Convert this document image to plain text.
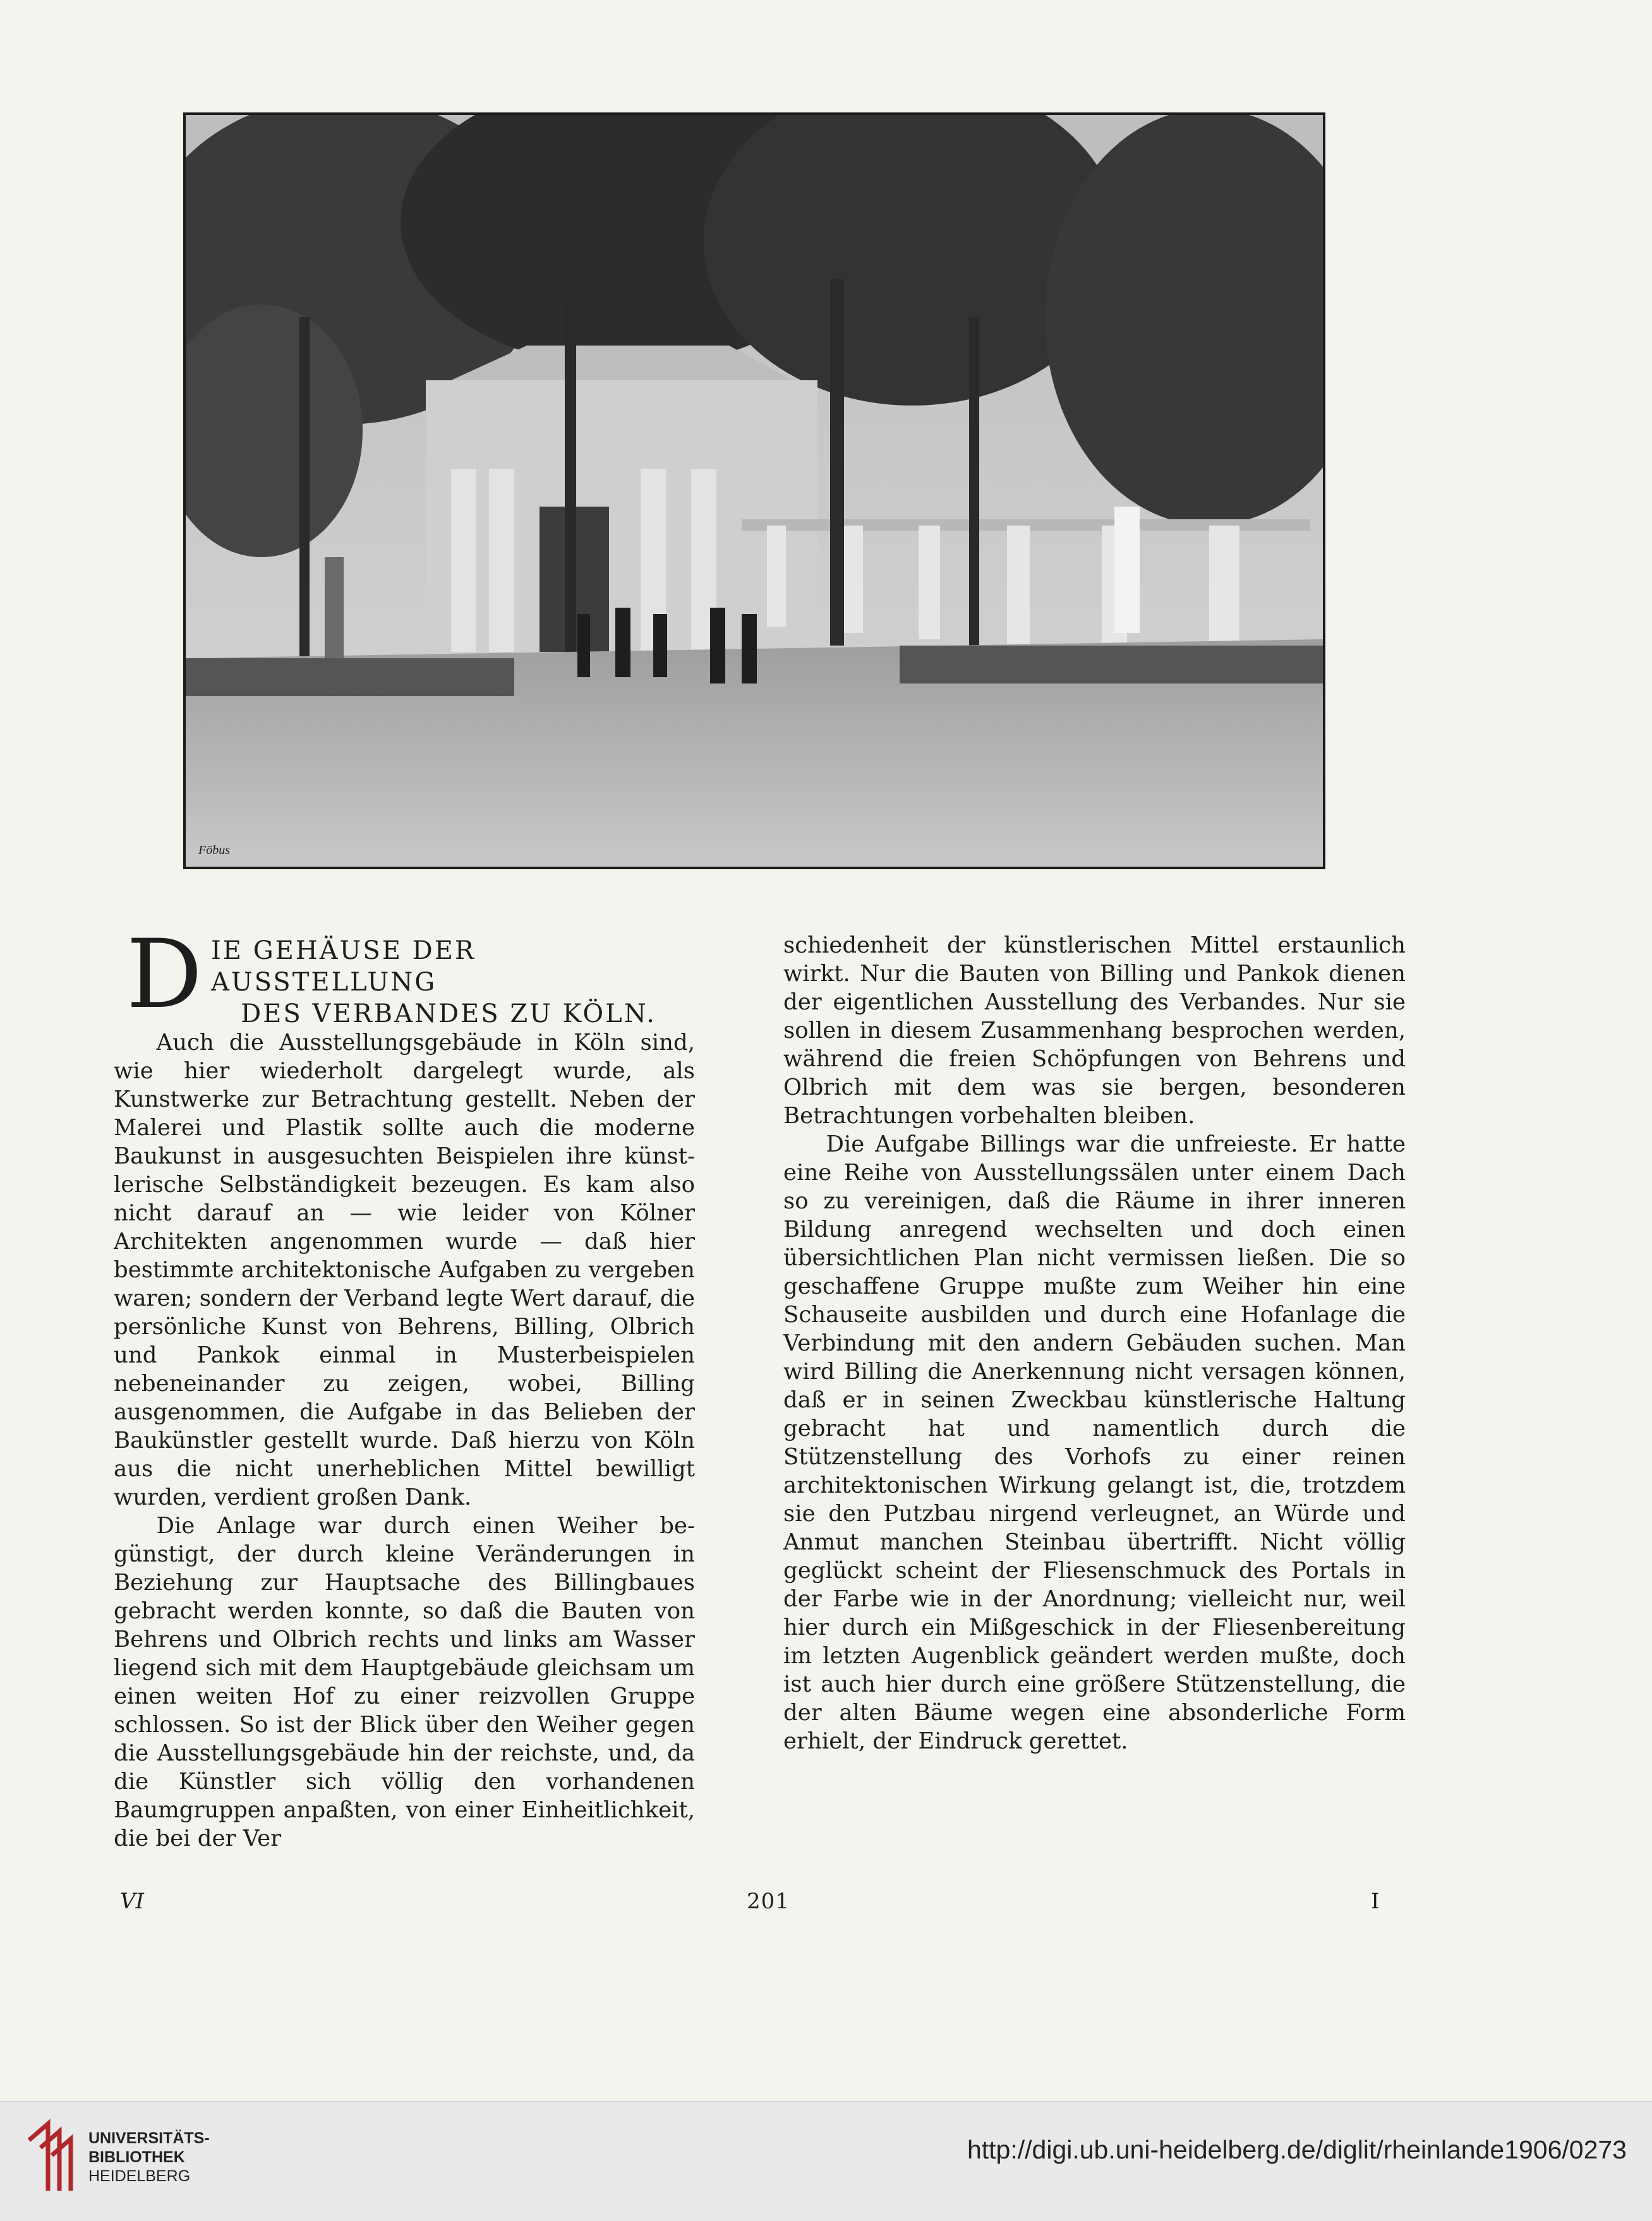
Föbus
D IE GEHÄUSE DER AUSSTELLUNG
DES VERBANDES ZU KÖLN.

Auch die Ausstellungsgebäude in Köln sind, wie hier wiederholt dargelegt wurde, als Kunstwerke zur Betrachtung gestellt. Neben der Malerei und Plastik sollte auch die moderne Baukunst in ausgesuchten Beispielen ihre künstlerische Selbständigkeit bezeugen. Es kam also nicht darauf an — wie leider von Kölner Architekten angenommen wurde — daß hier bestimmte architektonische Aufgaben zu vergeben waren; sondern der Verband legte Wert darauf, die persönliche Kunst von Behrens, Billing, Olbrich und Pankok einmal in Musterbeispielen nebeneinander zu zeigen, wobei, Billing ausgenommen, die Aufgabe in das Belieben der Baukünstler gestellt wurde. Daß hierzu von Köln aus die nicht unerheblichen Mittel bewilligt wurden, verdient großen Dank.

Die Anlage war durch einen Weiher begünstigt, der durch kleine Veränderungen in Beziehung zur Hauptsache des Billingbaues gebracht werden konnte, so daß die Bauten von Behrens und Olbrich rechts und links am Wasser liegend sich mit dem Hauptgebäude gleichsam um einen weiten Hof zu einer reizvollen Gruppe schlossen. So ist der Blick über den Weiher gegen die Ausstellungsgebäude hin der reichste, und, da die Künstler sich völlig den vorhandenen Baumgruppen anpaßten, von einer Einheitlichkeit, die bei der Ver

schiedenheit der künstlerischen Mittel erstaunlich wirkt. Nur die Bauten von Billing und Pankok dienen der eigentlichen Ausstellung des Verbandes. Nur sie sollen in diesem Zusammenhang besprochen werden, während die freien Schöpfungen von Behrens und Olbrich mit dem was sie bergen, besonderen Betrachtungen vorbehalten bleiben.

Die Aufgabe Billings war die unfreieste. Er hatte eine Reihe von Ausstellungssälen unter einem Dach so zu vereinigen, daß die Räume in ihrer inneren Bildung anregend wechselten und doch einen übersichtlichen Plan nicht vermissen ließen. Die so geschaffene Gruppe mußte zum Weiher hin eine Schauseite ausbilden und durch eine Hofanlage die Verbindung mit den andern Gebäuden suchen. Man wird Billing die Anerkennung nicht versagen können, daß er in seinen Zweckbau künstlerische Haltung gebracht hat und namentlich durch die Stützenstellung des Vorhofs zu einer reinen architektonischen Wirkung gelangt ist, die, trotzdem sie den Putzbau nirgend verleugnet, an Würde und Anmut manchen Steinbau übertrifft. Nicht völlig geglückt scheint der Fliesenschmuck des Portals in der Farbe wie in der Anordnung; vielleicht nur, weil hier durch ein Mißgeschick in der Fliesenbereitung im letzten Augenblick geändert werden mußte, doch ist auch hier durch eine größere Stützenstellung, die der alten Bäume wegen eine absonderliche Form erhielt, der Eindruck gerettet.

VI	201	I
UNIVERSITÄTS-
BIBLIOTHEK
HEIDELBERG
http://digi.ub.uni-heidelberg.de/diglit/rheinlande1906/0273
